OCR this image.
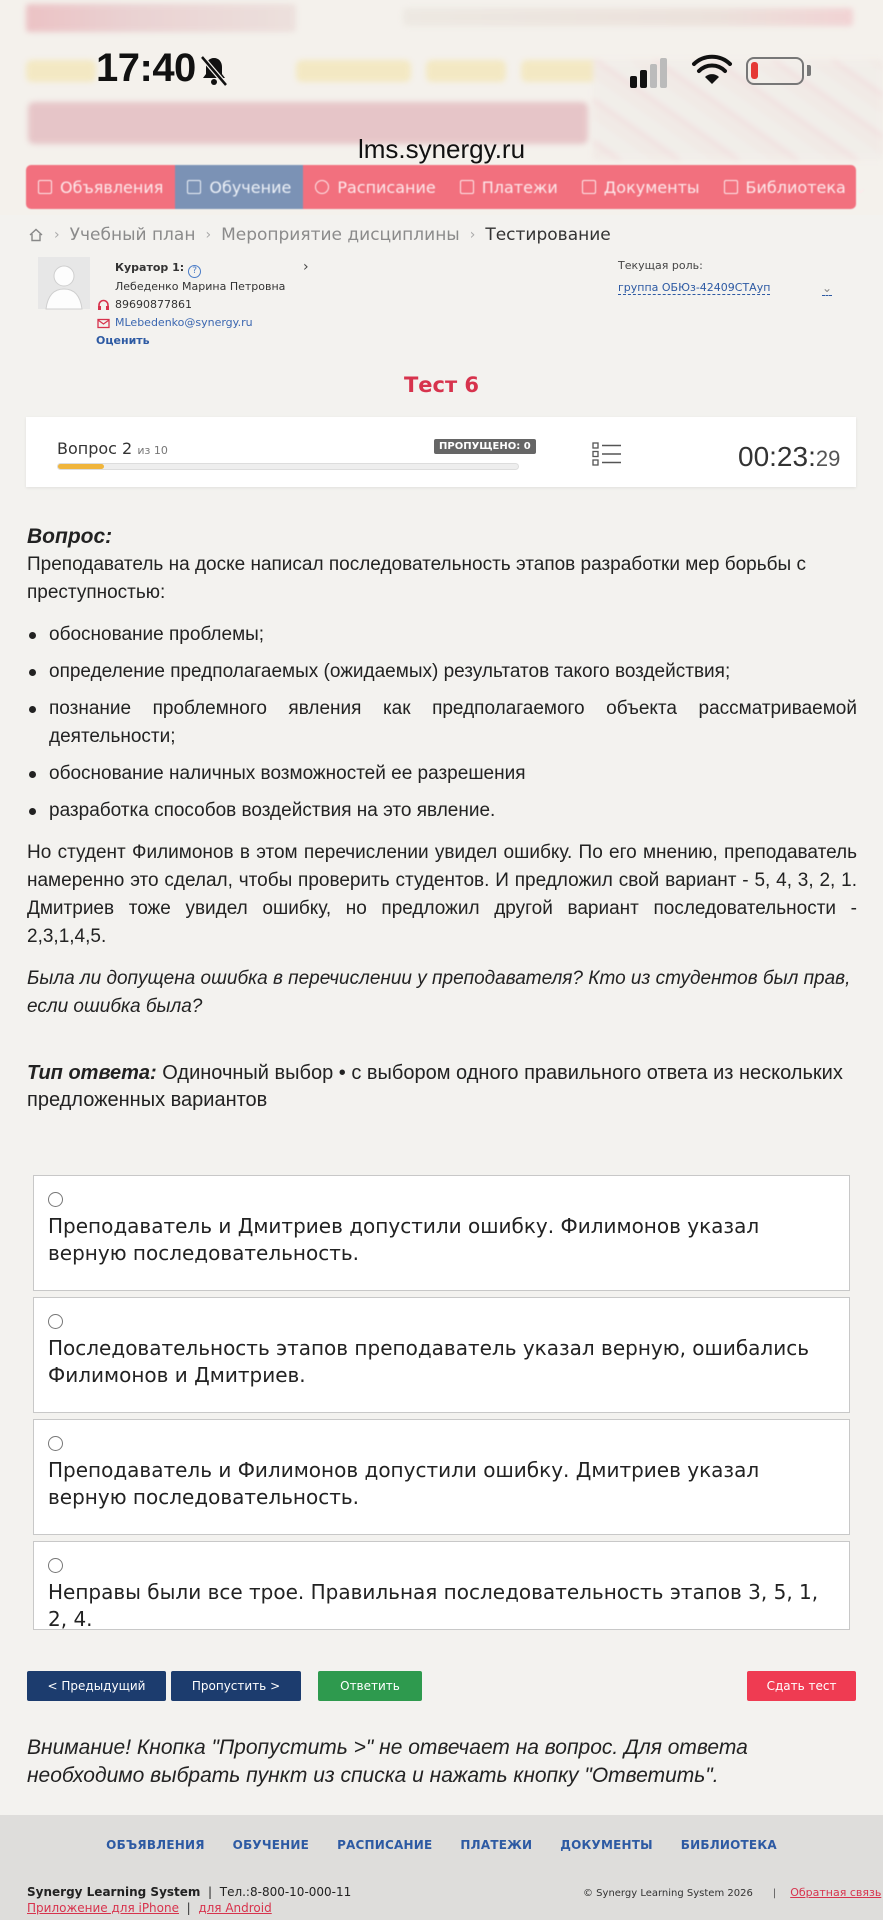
17:40
lms.synergy.ru
Объявления	Обучение	Расписание	Платежи	Документы	Библиотека ⌄
› Учебный план › Мероприятие дисциплины › Тестирование
Куратор 1: ?
Лебеденко Марина Петровна
89690877861
MLebedenko@synergy.ru
Оценить
›	Текущая роль:
группа ОБЮз-42409СТАуп	⌄
Тест 6
Вопрос 2 из 10	ПРОПУЩЕНО: 0	00:23:29
Вопрос:
Преподаватель на доске написал последовательность этапов разработки мер борьбы с преступностью:
обоснование проблемы;
определение предполагаемых (ожидаемых) результатов такого воздействия;
познание проблемного явления как предполагаемого объекта рассматриваемой деятельности;
обоснование наличных возможностей ее разрешения
разработка способов воздействия на это явление.
Но студент Филимонов в этом перечислении увидел ошибку. По его мнению, преподаватель намеренно это сделал, чтобы проверить студентов. И предложил свой вариант - 5, 4, 3, 2, 1. Дмитриев тоже увидел ошибку, но предложил другой вариант последовательности - 2,3,1,4,5.
Была ли допущена ошибка в перечислении у преподавателя? Кто из студентов был прав, если ошибка была?
Тип ответа: Одиночный выбор • с выбором одного правильного ответа из нескольких предложенных вариантов
Преподаватель и Дмитриев допустили ошибку. Филимонов указал верную последовательность.
Последовательность этапов преподаватель указал верную, ошибались Филимонов и Дмитриев.
Преподаватель и Филимонов допустили ошибку. Дмитриев указал верную последовательность.
Неправы были все трое. Правильная последовательность этапов 3, 5, 1, 2, 4.
< Предыдущий	Пропустить >	Ответить	Сдать тест
Внимание! Кнопка "Пропустить >" не отвечает на вопрос. Для ответа необходимо выбрать пункт из списка и нажать кнопку "Ответить".
ОБЪЯВЛЕНИЯ ОБУЧЕНИЕ РАСПИСАНИЕ ПЛАТЕЖИ ДОКУМЕНТЫ БИБЛИОТЕКА
Synergy Learning System  |  Тел.:8-800-10-000-11
Приложение для iPhone  |  для Android
© Synergy Learning System 2026 | Обратная связь
